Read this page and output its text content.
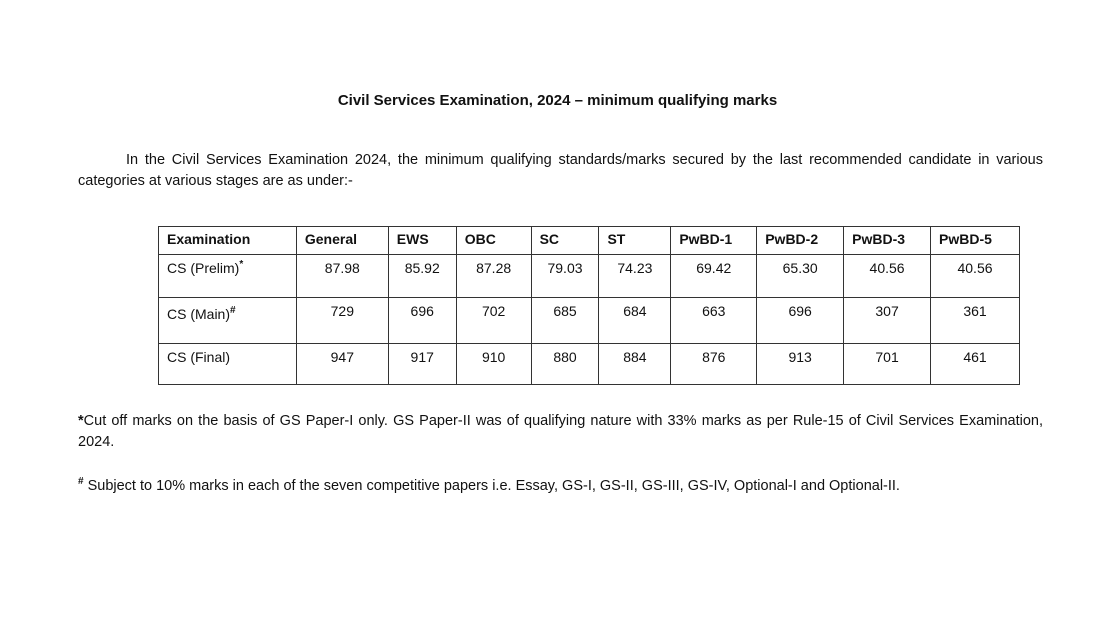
Civil Services Examination, 2024 – minimum qualifying marks

In the Civil Services Examination 2024, the minimum qualifying standards/marks secured by the last recommended candidate in various categories at various stages are as under:-

Examination	General	EWS	OBC	SC	ST	PwBD-1	PwBD-2	PwBD-3	PwBD-5
CS (Prelim)*	87.98	85.92	87.28	79.03	74.23	69.42	65.30	40.56	40.56
CS (Main)#	729	696	702	685	684	663	696	307	361
CS (Final)	947	917	910	880	884	876	913	701	461

*Cut off marks on the basis of GS Paper-I only. GS Paper-II was of qualifying nature with 33% marks as per Rule-15 of Civil Services Examination, 2024.

# Subject to 10% marks in each of the seven competitive papers i.e. Essay, GS-I, GS-II, GS-III, GS-IV, Optional-I and Optional-II.
